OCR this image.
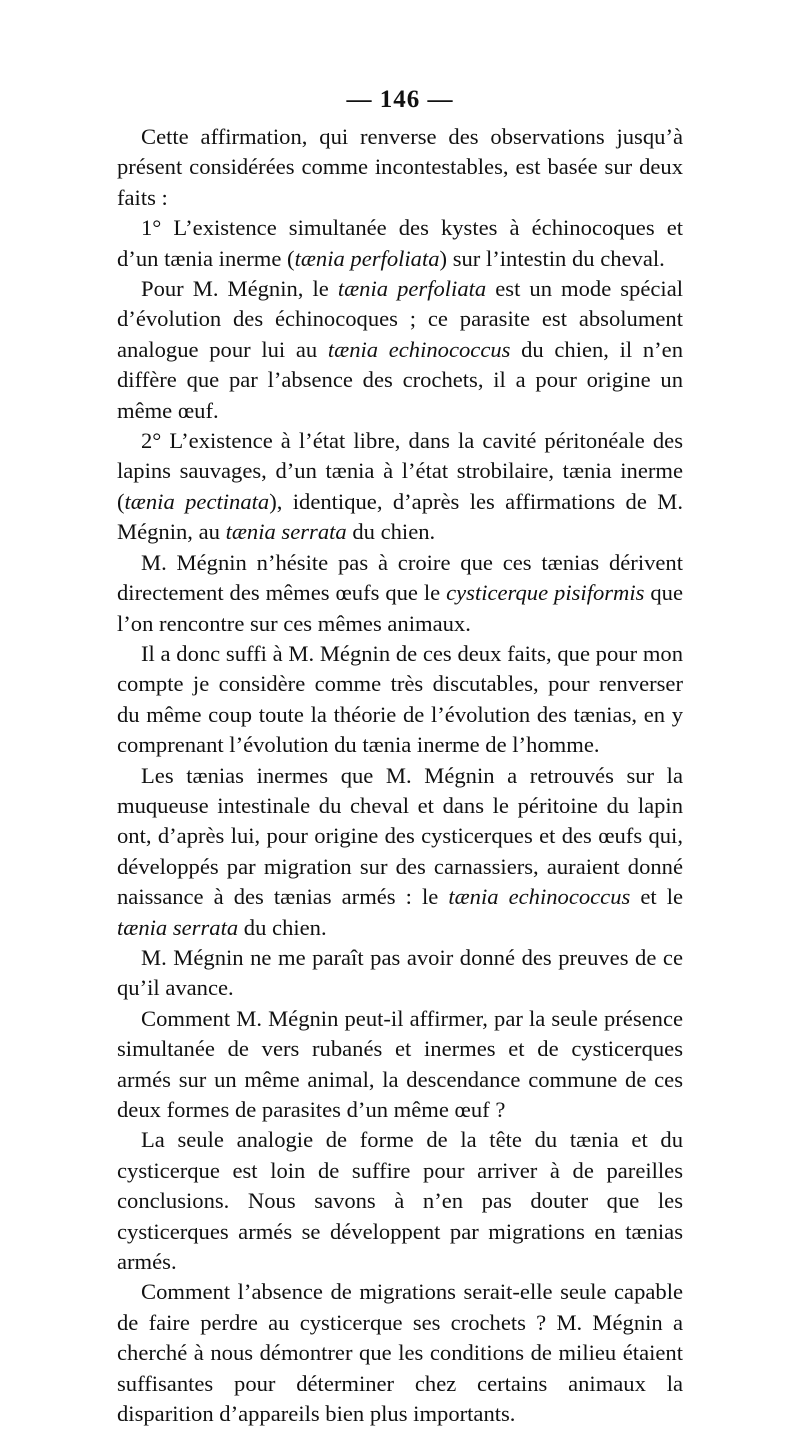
— 146 —

Cette affirmation, qui renverse des observations jusqu’à présent considérées comme incontestables, est basée sur deux faits :

1° L’existence simultanée des kystes à échinocoques et d’un tænia inerme (tænia perfoliata) sur l’intestin du cheval.

Pour M. Mégnin, le tænia perfoliata est un mode spécial d’évolution des échinocoques ; ce parasite est absolument analogue pour lui au tænia echinococcus du chien, il n’en diffère que par l’absence des crochets, il a pour origine un même œuf.

2° L’existence à l’état libre, dans la cavité péritonéale des lapins sauvages, d’un tænia à l’état strobilaire, tænia inerme (tænia pectinata), identique, d’après les affirmations de M. Mégnin, au tænia serrata du chien.

M. Mégnin n’hésite pas à croire que ces tænias dérivent directement des mêmes œufs que le cysticerque pisiformis que l’on rencontre sur ces mêmes animaux.

Il a donc suffi à M. Mégnin de ces deux faits, que pour mon compte je considère comme très discutables, pour renverser du même coup toute la théorie de l’évolution des tænias, en y comprenant l’évolution du tænia inerme de l’homme.

Les tænias inermes que M. Mégnin a retrouvés sur la muqueuse intestinale du cheval et dans le péritoine du lapin ont, d’après lui, pour origine des cysticerques et des œufs qui, développés par migration sur des carnassiers, auraient donné naissance à des tænias armés : le tænia echinococcus et le tænia serrata du chien.

M. Mégnin ne me paraît pas avoir donné des preuves de ce qu’il avance.

Comment M. Mégnin peut-il affirmer, par la seule présence simultanée de vers rubanés et inermes et de cysticerques armés sur un même animal, la descendance commune de ces deux formes de parasites d’un même œuf ?

La seule analogie de forme de la tête du tænia et du cysticerque est loin de suffire pour arriver à de pareilles conclusions. Nous savons à n’en pas douter que les cysticerques armés se développent par migrations en tænias armés.

Comment l’absence de migrations serait-elle seule capable de faire perdre au cysticerque ses crochets ? M. Mégnin a cherché à nous démontrer que les conditions de milieu étaient suffisantes pour déterminer chez certains animaux la disparition d’appareils bien plus importants.
